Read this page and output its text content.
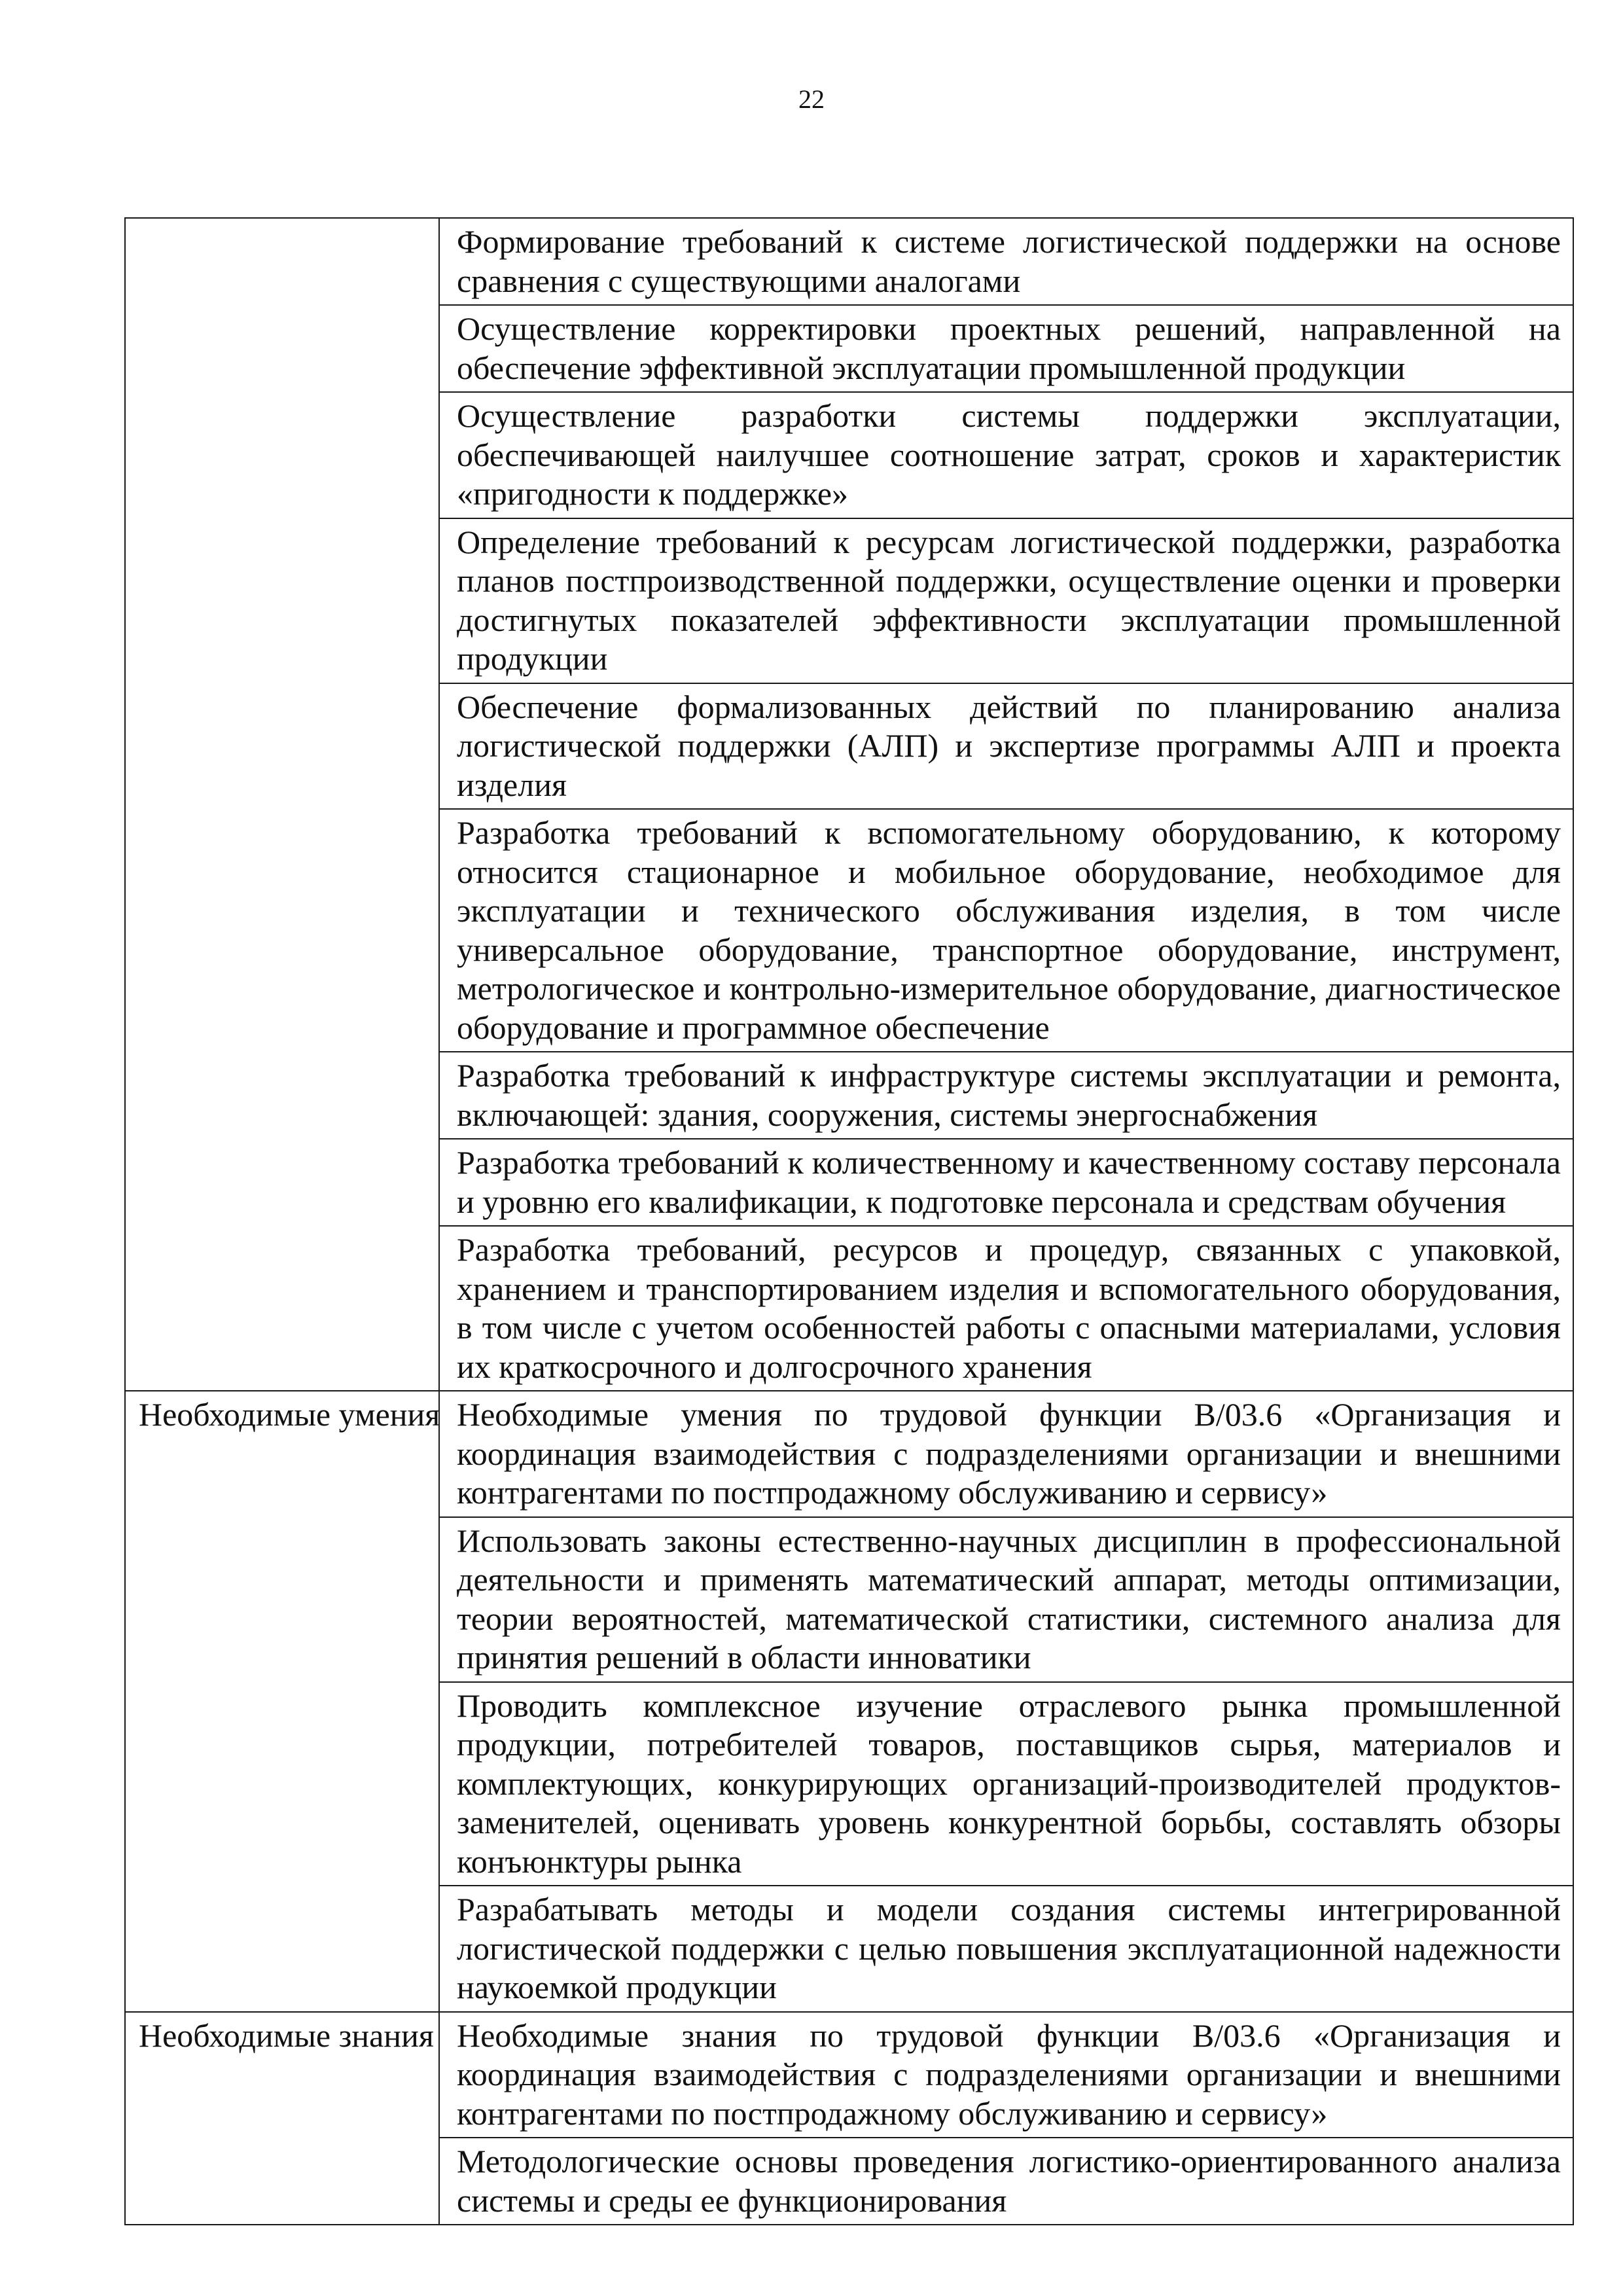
22
	Формирование требований к системе логистической поддержки на основе сравнения с существующими аналогами
	Осуществление корректировки проектных решений, направленной на обеспечение эффективной эксплуатации промышленной продукции
	Осуществление разработки системы поддержки эксплуатации, обеспечивающей наилучшее соотношение затрат, сроков и характеристик «пригодности к поддержке»
	Определение требований к ресурсам логистической поддержки, разработка планов постпроизводственной поддержки, осуществление оценки и проверки достигнутых показателей эффективности эксплуатации промышленной продукции
	Обеспечение формализованных действий по планированию анализа логистической поддержки (АЛП) и экспертизе программы АЛП и проекта изделия
	Разработка требований к вспомогательному оборудованию, к которому относится стационарное и мобильное оборудование, необходимое для эксплуатации и технического обслуживания изделия, в том числе универсальное оборудование, транспортное оборудование, инструмент, метрологическое и контрольно-измерительное оборудование, диагностическое оборудование и программное обеспечение
	Разработка требований к инфраструктуре системы эксплуатации и ремонта, включающей: здания, сооружения, системы энергоснабжения
	Разработка требований к количественному и качественному составу персонала и уровню его квалификации, к подготовке персонала и средствам обучения
	Разработка требований, ресурсов и процедур, связанных с упаковкой, хранением и транспортированием изделия и вспомогательного оборудования, в том числе с учетом особенностей работы с опасными материалами, условия их краткосрочного и долгосрочного хранения
Необходимые умения	Необходимые умения по трудовой функции В/03.6 «Организация и координация взаимодействия с подразделениями организации и внешними контрагентами по постпродажному обслуживанию и сервису»
	Использовать законы естественно-научных дисциплин в профессиональной деятельности и применять математический аппарат, методы оптимизации, теории вероятностей, математической статистики, системного анализа для принятия решений в области инноватики
	Проводить комплексное изучение отраслевого рынка промышленной продукции, потребителей товаров, поставщиков сырья, материалов и комплектующих, конкурирующих организаций-производителей продуктов-заменителей, оценивать уровень конкурентной борьбы, составлять обзоры конъюнктуры рынка
	Разрабатывать методы и модели создания системы интегрированной логистической поддержки с целью повышения эксплуатационной надежности наукоемкой продукции
Необходимые знания	Необходимые знания по трудовой функции В/03.6 «Организация и координация взаимодействия с подразделениями организации и внешними контрагентами по постпродажному обслуживанию и сервису»
	Методологические основы проведения логистико-ориентированного анализа системы и среды ее функционирования
